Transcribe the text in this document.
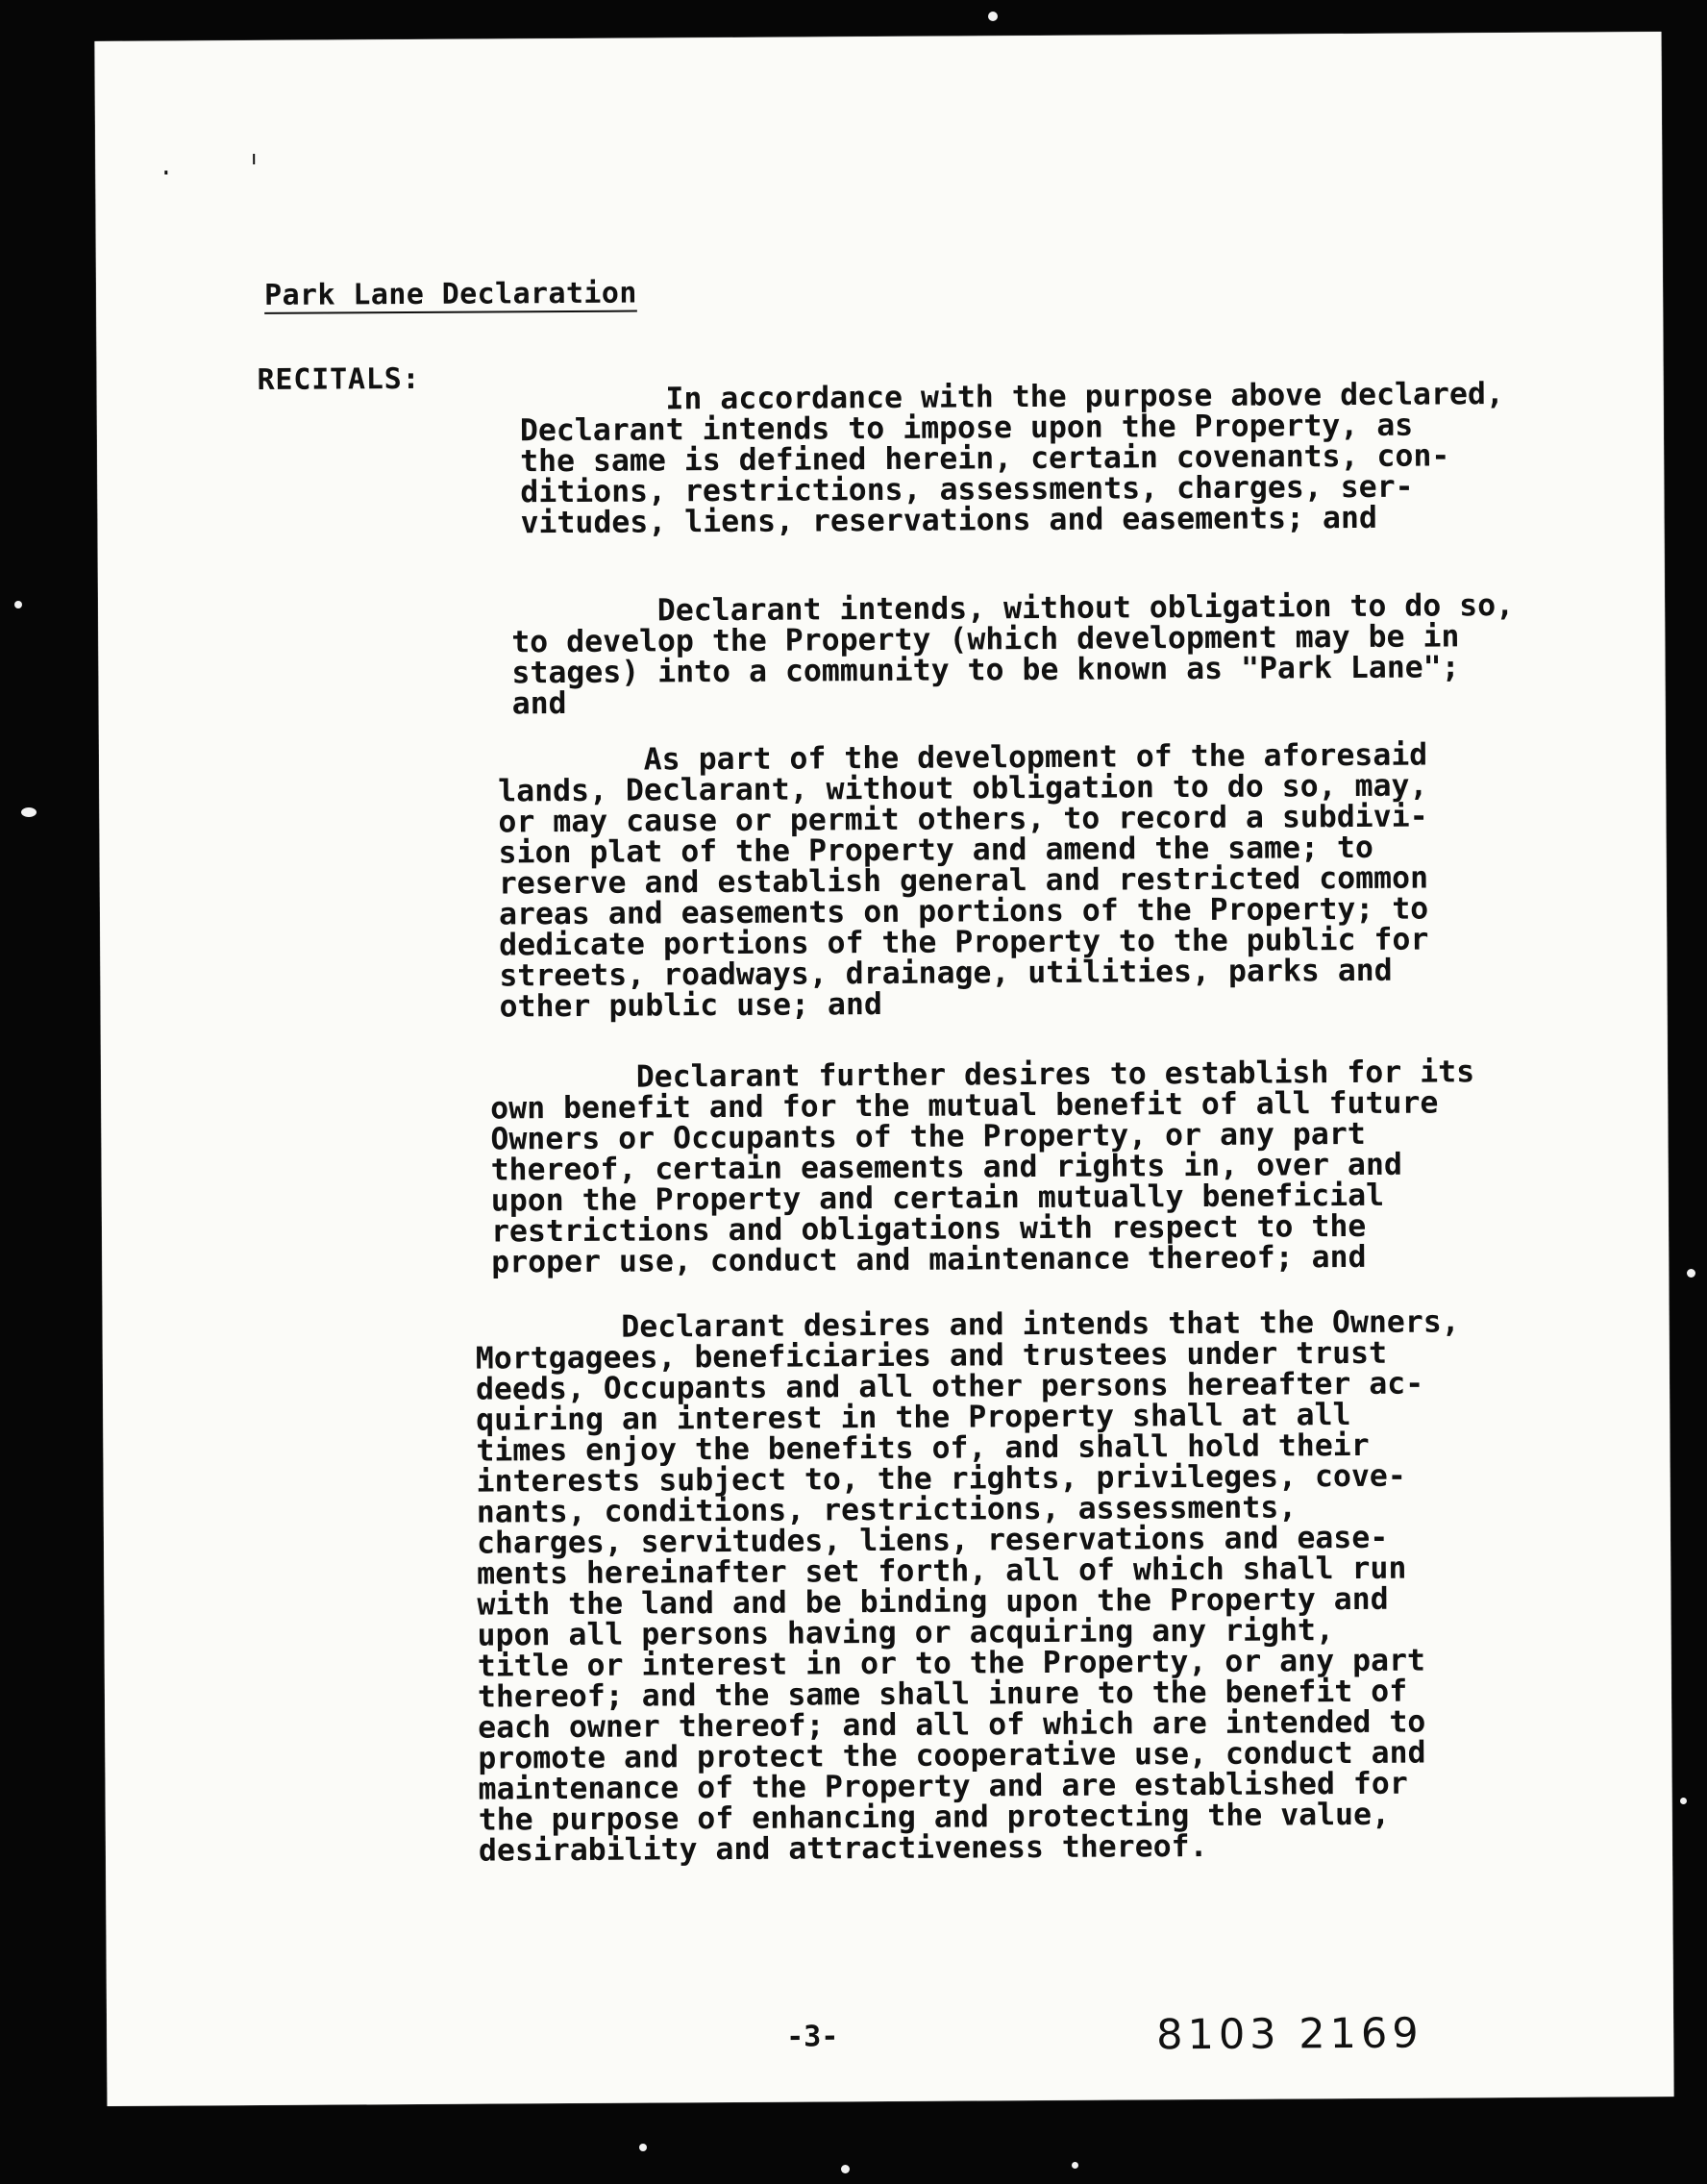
Park Lane Declaration
RECITALS:	In accordance with the purpose above declared,
Declarant intends to impose upon the Property, as
the same is defined herein, certain covenants, con-
ditions, restrictions, assessments, charges, ser-
vitudes, liens, reservations and easements; and
Declarant intends, without obligation to do so,
to develop the Property (which development may be in
stages) into a community to be known as "Park Lane";
and
As part of the development of the aforesaid
lands, Declarant, without obligation to do so, may,
or may cause or permit others, to record a subdivi-
sion plat of the Property and amend the same; to
reserve and establish general and restricted common
areas and easements on portions of the Property; to
dedicate portions of the Property to the public for
streets, roadways, drainage, utilities, parks and
other public use; and
Declarant further desires to establish for its
own benefit and for the mutual benefit of all future
Owners or Occupants of the Property, or any part
thereof, certain easements and rights in, over and
upon the Property and certain mutually beneficial
restrictions and obligations with respect to the
proper use, conduct and maintenance thereof; and
Declarant desires and intends that the Owners,
Mortgagees, beneficiaries and trustees under trust
deeds, Occupants and all other persons hereafter ac-
quiring an interest in the Property shall at all
times enjoy the benefits of, and shall hold their
interests subject to, the rights, privileges, cove-
nants, conditions, restrictions, assessments,
charges, servitudes, liens, reservations and ease-
ments hereinafter set forth, all of which shall run
with the land and be binding upon the Property and
upon all persons having or acquiring any right,
title or interest in or to the Property, or any part
thereof; and the same shall inure to the benefit of
each owner thereof; and all of which are intended to
promote and protect the cooperative use, conduct and
maintenance of the Property and are established for
the purpose of enhancing and protecting the value,
desirability and attractiveness thereof.
-3-	8103 2169
